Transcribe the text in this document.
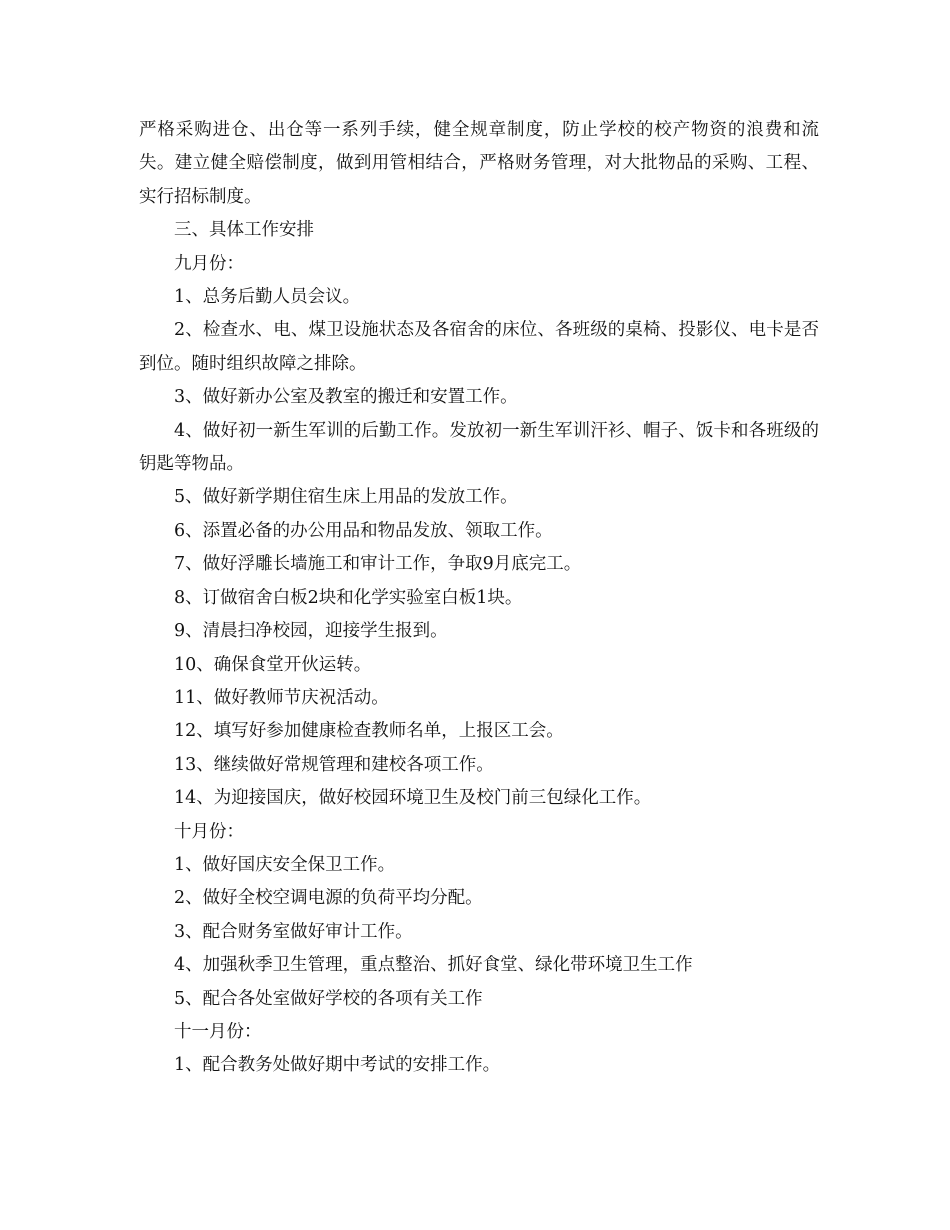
严格采购进仓、出仓等一系列手续，健全规章制度，防止学校的校产物资的浪费和流失。建立健全赔偿制度，做到用管相结合，严格财务管理，对大批物品的采购、工程、实行招标制度。

三、具体工作安排

九月份：

1、总务后勤人员会议。

2、检查水、电、煤卫设施状态及各宿舍的床位、各班级的桌椅、投影仪、电卡是否到位。随时组织故障之排除。

3、做好新办公室及教室的搬迁和安置工作。

4、做好初一新生军训的后勤工作。发放初一新生军训汗衫、帽子、饭卡和各班级的钥匙等物品。

5、做好新学期住宿生床上用品的发放工作。

6、添置必备的办公用品和物品发放、领取工作。

7、做好浮雕长墙施工和审计工作，争取9月底完工。

8、订做宿舍白板2块和化学实验室白板1块。

9、清晨扫净校园，迎接学生报到。

10、确保食堂开伙运转。

11、做好教师节庆祝活动。

12、填写好参加健康检查教师名单，上报区工会。

13、继续做好常规管理和建校各项工作。

14、为迎接国庆，做好校园环境卫生及校门前三包绿化工作。

十月份：

1、做好国庆安全保卫工作。

2、做好全校空调电源的负荷平均分配。

3、配合财务室做好审计工作。

4、加强秋季卫生管理，重点整治、抓好食堂、绿化带环境卫生工作

5、配合各处室做好学校的各项有关工作

十一月份：

1、配合教务处做好期中考试的安排工作。
